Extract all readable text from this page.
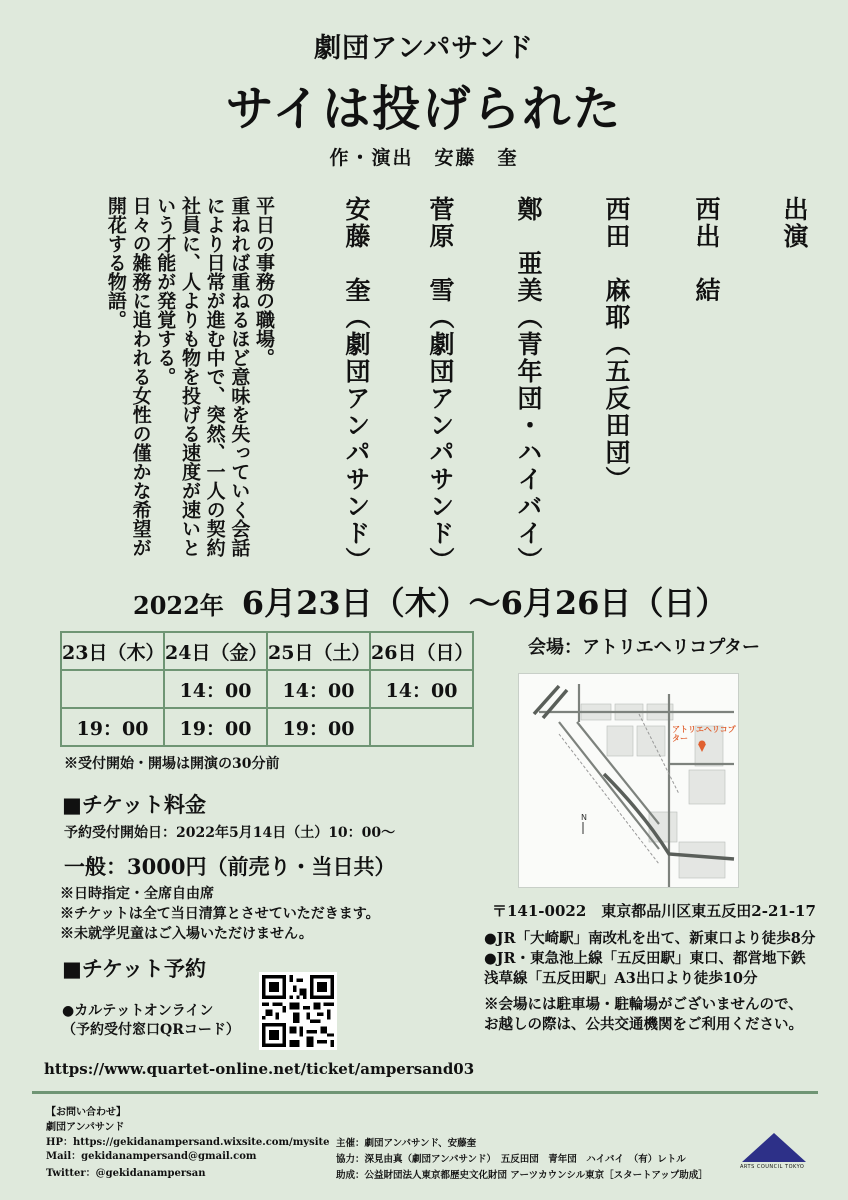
劇団アンパサンド
サイは投げられた
作・演出　安藤　奎
出演
西出　結
西田　麻耶（五反田団）
鄭　亜美（青年団・ハイバイ）
菅原　雪（劇団アンパサンド）
安藤　奎（劇団アンパサンド）
平日の事務の職場。
重ねれば重ねるほど意味を失っていく会話
により日常が進む中で、突然、一人の契約
社員に、人よりも物を投げる速度が速いと
いう才能が発覚する。
日々の雑務に追われる女性の僅かな希望が
開花する物語。
2022年 6月23日（木）〜6月26日（日）
23日（木）	24日（金）	25日（土）	26日（日）
	14：00	14：00	14：00
19：00	19：00	19：00	
※受付開始・開場は開演の30分前
■チケット料金
予約受付開始日：2022年5月14日（土）10：00〜
一般：3000円（前売り・当日共）
※日時指定・全席自由席
※チケットは全て当日清算とさせていただきます。
※未就学児童はご入場いただけません。
■チケット予約
●カルテットオンライン
（予約受付窓口QRコード）
https://www.quartet-online.net/ticket/ampersand03
会場：アトリエヘリコプター
N
アトリエヘリコプター
〒141-0022　東京都品川区東五反田2-21-17
●JR「大崎駅」南改札を出て、新東口より徒歩8分
●JR・東急池上線「五反田駅」東口、都営地下鉄
浅草線「五反田駅」A3出口より徒歩10分
※会場には駐車場・駐輪場がございませんので、
お越しの際は、公共交通機関をご利用ください。
【お問い合わせ】
劇団アンパサンド
HP：https://gekidanampersand.wixsite.com/mysite
Mail：gekidanampersand@gmail.com
Twitter：@gekidanampersan
主催：劇団アンパサンド、安藤奎
協力：深見由真（劇団アンパサンド）　五反田団　青年団　ハイバイ　（有）レトル
助成：公益財団法人東京都歴史文化財団 アーツカウンシル東京［スタートアップ助成］
ARTS COUNCIL TOKYO
